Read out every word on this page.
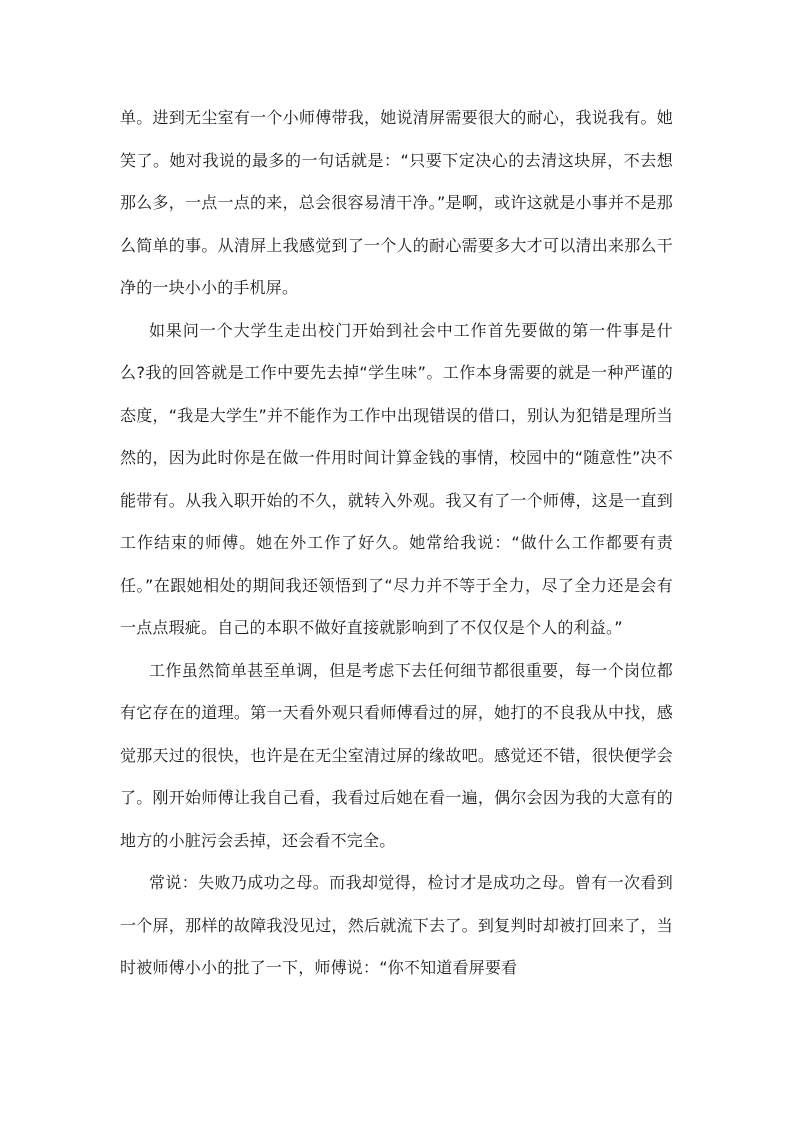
单。进到无尘室有一个小师傅带我，她说清屏需要很大的耐心，我说我有。她笑了。她对我说的最多的一句话就是：“只要下定决心的去清这块屏，不去想那么多，一点一点的来，总会很容易清干净。”是啊，或许这就是小事并不是那么简单的事。从清屏上我感觉到了一个人的耐心需要多大才可以清出来那么干净的一块小小的手机屏。

如果问一个大学生走出校门开始到社会中工作首先要做的第一件事是什么?我的回答就是工作中要先去掉“学生味”。工作本身需要的就是一种严谨的态度，“我是大学生”并不能作为工作中出现错误的借口，别认为犯错是理所当然的，因为此时你是在做一件用时间计算金钱的事情，校园中的“随意性”决不能带有。从我入职开始的不久，就转入外观。我又有了一个师傅，这是一直到工作结束的师傅。她在外工作了好久。她常给我说：“做什么工作都要有责任。”在跟她相处的期间我还领悟到了“尽力并不等于全力，尽了全力还是会有一点点瑕疵。自己的本职不做好直接就影响到了不仅仅是个人的利益。”

工作虽然简单甚至单调，但是考虑下去任何细节都很重要，每一个岗位都有它存在的道理。第一天看外观只看师傅看过的屏，她打的不良我从中找，感觉那天过的很快，也许是在无尘室清过屏的缘故吧。感觉还不错，很快便学会了。刚开始师傅让我自己看，我看过后她在看一遍，偶尔会因为我的大意有的地方的小脏污会丢掉，还会看不完全。

常说：失败乃成功之母。而我却觉得，检讨才是成功之母。曾有一次看到一个屏，那样的故障我没见过，然后就流下去了。到复判时却被打回来了，当时被师傅小小的批了一下，师傅说：“你不知道看屏要看
